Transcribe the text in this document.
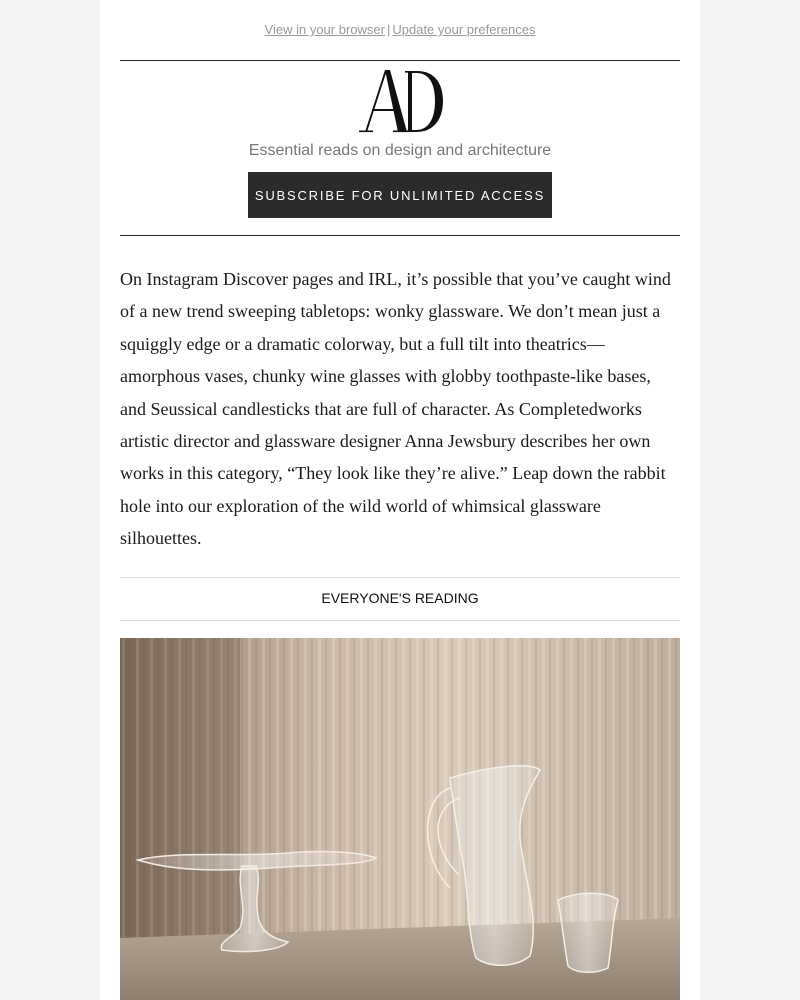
View in your browser | Update your preferences
Essential reads on design and architecture
SUBSCRIBE FOR UNLIMITED ACCESS

On Instagram Discover pages and IRL, it’s possible that you’ve caught wind of a new trend sweeping tabletops: wonky glassware. We don’t mean just a squiggly edge or a dramatic colorway, but a full tilt into theatrics—amorphous vases, chunky wine glasses with globby toothpaste-like bases, and Seussical candlesticks that are full of character. As Completedworks artistic director and glassware designer Anna Jewsbury describes her own works in this category, “They look like they’re alive.” Leap down the rabbit hole into our exploration of the wild world of whimsical glassware silhouettes.

EVERYONE'S READING
